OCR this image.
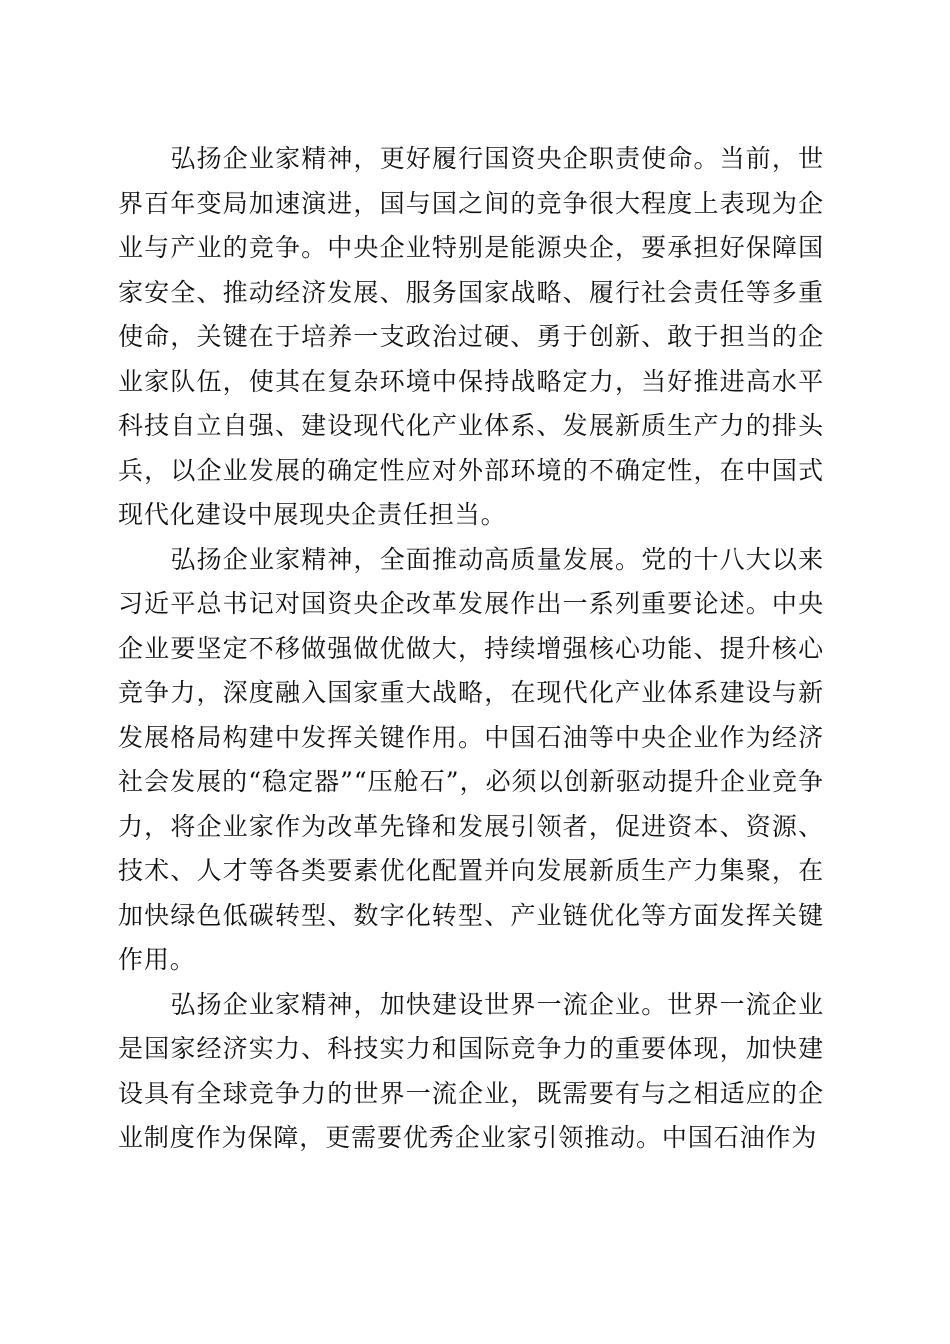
弘扬企业家精神，更好履行国资央企职责使命。当前，世界百年变局加速演进，国与国之间的竞争很大程度上表现为企业与产业的竞争。中央企业特别是能源央企，要承担好保障国家安全、推动经济发展、服务国家战略、履行社会责任等多重使命，关键在于培养一支政治过硬、勇于创新、敢于担当的企业家队伍，使其在复杂环境中保持战略定力，当好推进高水平科技自立自强、建设现代化产业体系、发展新质生产力的排头兵，以企业发展的确定性应对外部环境的不确定性，在中国式现代化建设中展现央企责任担当。

弘扬企业家精神，全面推动高质量发展。党的十八大以来习近平总书记对国资央企改革发展作出一系列重要论述。中央企业要坚定不移做强做优做大，持续增强核心功能、提升核心竞争力，深度融入国家重大战略，在现代化产业体系建设与新发展格局构建中发挥关键作用。中国石油等中央企业作为经济社会发展的“稳定器”“压舱石”，必须以创新驱动提升企业竞争力，将企业家作为改革先锋和发展引领者，促进资本、资源、技术、人才等各类要素优化配置并向发展新质生产力集聚，在加快绿色低碳转型、数字化转型、产业链优化等方面发挥关键作用。

弘扬企业家精神，加快建设世界一流企业。世界一流企业是国家经济实力、科技实力和国际竞争力的重要体现，加快建设具有全球竞争力的世界一流企业，既需要有与之相适应的企业制度作为保障，更需要优秀企业家引领推动。中国石油作为
